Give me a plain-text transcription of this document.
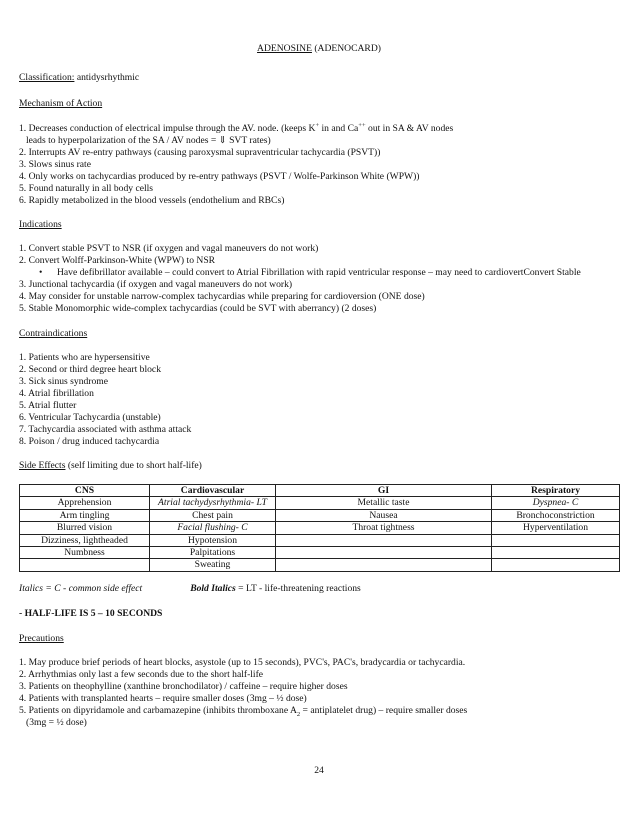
ADENOSINE (ADENOCARD)
Classification: antidysrhythmic
Mechanism of Action
1. Decreases conduction of electrical impulse through the AV. node. (keeps K+ in and Ca++ out in SA & AV nodes
leads to hyperpolarization of the SA / AV nodes = ⇓ SVT rates)
2. Interrupts AV re-entry pathways (causing paroxysmal supraventricular tachycardia (PSVT))
3. Slows sinus rate
4. Only works on tachycardias produced by re-entry pathways (PSVT / Wolfe-Parkinson White (WPW))
5. Found naturally in all body cells
6. Rapidly metabolized in the blood vessels (endothelium and RBCs)
Indications
1. Convert stable PSVT to NSR (if oxygen and vagal maneuvers do not work)
2. Convert Wolff-Parkinson-White (WPW) to NSR
• Have defibrillator available – could convert to Atrial Fibrillation with rapid ventricular response – may need to cardiovertConvert Stable
3. Junctional tachycardia (if oxygen and vagal maneuvers do not work)
4. May consider for unstable narrow-complex tachycardias while preparing for cardioversion (ONE dose)
5. Stable Monomorphic wide-complex tachycardias (could be SVT with aberrancy) (2 doses)
Contraindications
1. Patients who are hypersensitive
2. Second or third degree heart block
3. Sick sinus syndrome
4. Atrial fibrillation
5. Atrial flutter
6. Ventricular Tachycardia (unstable)
7. Tachycardia associated with asthma attack
8. Poison / drug induced tachycardia
Side Effects (self limiting due to short half-life)
CNS	Cardiovascular	GI	Respiratory
Apprehension	Atrial tachydysrhythmia- LT	Metallic taste	Dyspnea- C
Arm tingling	Chest pain	Nausea	Bronchoconstriction
Blurred vision	Facial flushing- C	Throat tightness	Hyperventilation
Dizziness, lightheaded	Hypotension		
Numbness	Palpitations		
	Sweating		
Italics = C - common side effect	Bold Italics = LT - life-threatening reactions
- HALF-LIFE IS 5 – 10 SECONDS
Precautions
1. May produce brief periods of heart blocks, asystole (up to 15 seconds), PVC's, PAC's, bradycardia or tachycardia.
2. Arrhythmias only last a few seconds due to the short half-life
3. Patients on theophylline (xanthine bronchodilator) / caffeine – require higher doses
4. Patients with transplanted hearts – require smaller doses (3mg – ½ dose)
5. Patients on dipyridamole and carbamazepine (inhibits thromboxane $A_2$ = antiplatelet drug) – require smaller doses
(3mg = ½ dose)
24
